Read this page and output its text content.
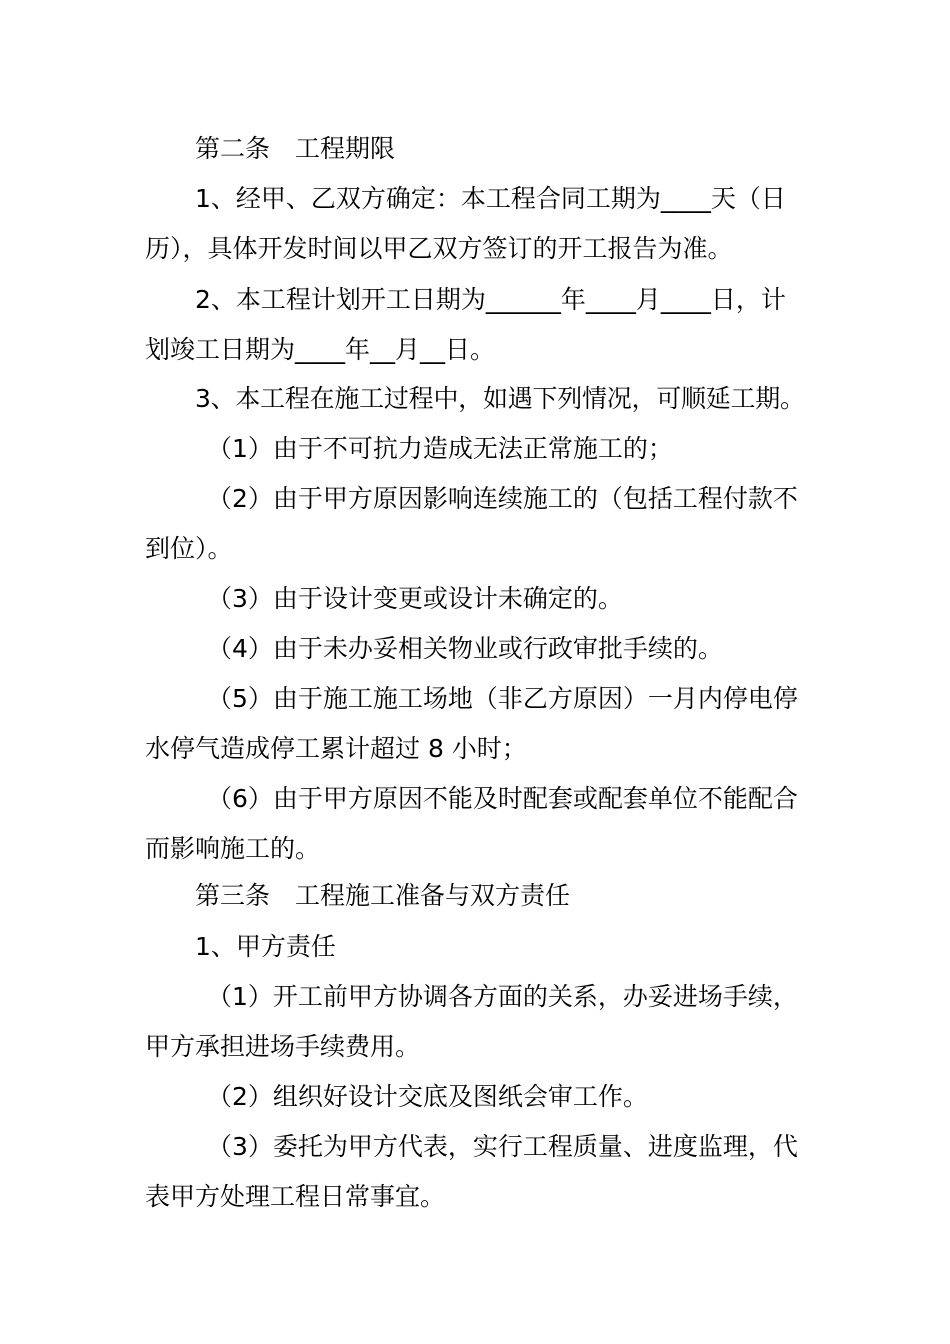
第二条　工程期限
1、经甲、乙双方确定：本工程合同工期为____天（日
历），具体开发时间以甲乙双方签订的开工报告为准。
2、本工程计划开工日期为______年____月____日，计
划竣工日期为____年__月__日。
3、本工程在施工过程中，如遇下列情况，可顺延工期。
（1）由于不可抗力造成无法正常施工的；
（2）由于甲方原因影响连续施工的（包括工程付款不
到位）。
（3）由于设计变更或设计未确定的。
（4）由于未办妥相关物业或行政审批手续的。
（5）由于施工施工场地（非乙方原因）一月内停电停
水停气造成停工累计超过 8 小时；
（6）由于甲方原因不能及时配套或配套单位不能配合
而影响施工的。
第三条　工程施工准备与双方责任
1、甲方责任
（1）开工前甲方协调各方面的关系，办妥进场手续，
甲方承担进场手续费用。
（2）组织好设计交底及图纸会审工作。
（3）委托为甲方代表，实行工程质量、进度监理，代
表甲方处理工程日常事宜。
